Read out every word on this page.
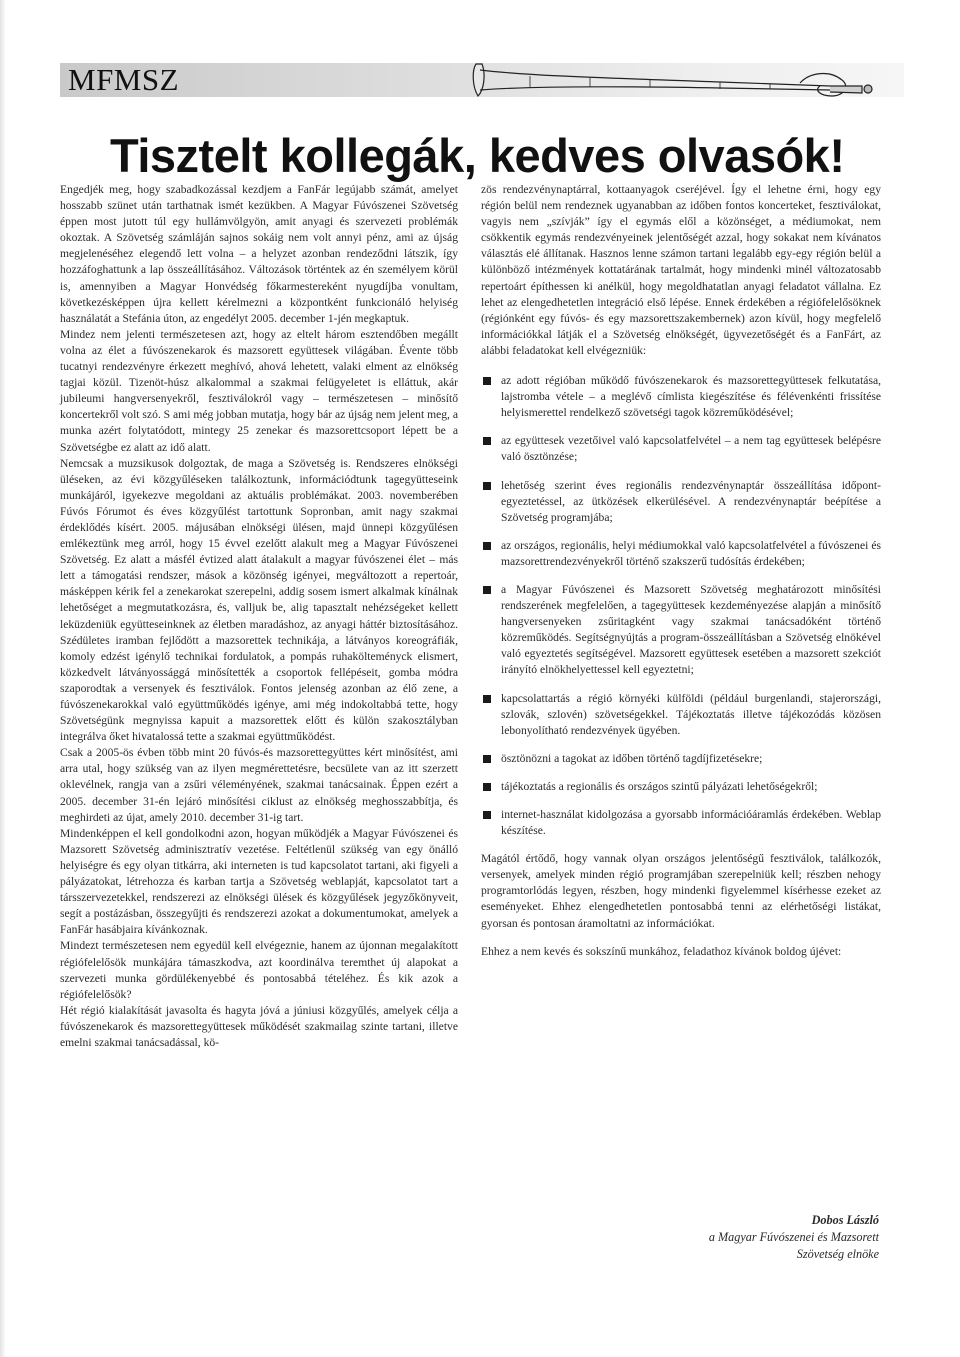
MFMSZ
Tisztelt kollegák, kedves olvasók!

Engedjék meg, hogy szabadkozással kezdjem a FanFár legújabb számát, amelyet hosszabb szünet után tarthatnak ismét kezükben. A Magyar Fúvószenei Szövetség éppen most jutott túl egy hullámvölgyön, amit anyagi és szervezeti problémák okoztak. A Szövetség számláján sajnos sokáig nem volt annyi pénz, ami az újság megjelenéséhez elegendő lett volna – a helyzet azonban rendeződni látszik, így hozzáfoghattunk a lap összeállításához. Változások történtek az én személyem körül is, amennyiben a Magyar Honvédség főkarmestereként nyugdíjba vonultam, következésképpen újra kellett kérelmezni a központként funkcionáló helyiség használatát a Stefánia úton, az engedélyt 2005. december 1-jén megkaptuk.

Mindez nem jelenti természetesen azt, hogy az eltelt három esztendőben megállt volna az élet a fúvószenekarok és mazsorett együttesek világában. Évente több tucatnyi rendezvényre érkezett meghívó, ahová lehetett, valaki elment az elnökség tagjai közül. Tizenöt-húsz alkalommal a szakmai felügyeletet is elláttuk, akár jubileumi hangversenyekről, fesztiválokról vagy – természetesen – minősítő koncertekről volt szó. S ami még jobban mutatja, hogy bár az újság nem jelent meg, a munka azért folytatódott, mintegy 25 zenekar és mazsorettcsoport lépett be a Szövetségbe ez alatt az idő alatt.

Nemcsak a muzsikusok dolgoztak, de maga a Szövetség is. Rendszeres elnökségi üléseken, az évi közgyűléseken találkoztunk, információdtunk tagegyütteseink munkájáról, igyekezve megoldani az aktuális problémákat. 2003. novemberében Fúvós Fórumot és éves közgyűlést tartottunk Sopronban, amit nagy szakmai érdeklődés kísért. 2005. májusában elnökségi ülésen, majd ünnepi közgyűlésen emlékeztünk meg arról, hogy 15 évvel ezelőtt alakult meg a Magyar Fúvószenei Szövetség. Ez alatt a másfél évtized alatt átalakult a magyar fúvószenei élet – más lett a támogatási rendszer, mások a közönség igényei, megváltozott a repertoár, másképpen kérik fel a zenekarokat szerepelni, addig sosem ismert alkalmak kínálnak lehetőséget a megmutatkozásra, és, valljuk be, alig tapasztalt nehézségeket kellett leküzdeniük együtteseinknek az életben maradáshoz, az anyagi háttér biztosításához. Szédületes iramban fejlődött a mazsorettek technikája, a látványos koreográfiák, komoly edzést igénylő technikai fordulatok, a pompás ruhakölteményck elismert, közkedvelt látványossággá minősítették a csoportok fellépéseit, gomba módra szaporodtak a versenyek és fesztiválok. Fontos jelenség azonban az élő zene, a fúvószenekarokkal való együttműködés igénye, ami még indokoltabbá tette, hogy Szövetségünk megnyissa kapuit a mazsorettek előtt és külön szakosztályban integrálva őket hivatalossá tette a szakmai együttműködést.

Csak a 2005-ös évben több mint 20 fúvós-és mazsorettegyüttes kért minősítést, ami arra utal, hogy szükség van az ilyen megmérettetésre, becsülete van az itt szerzett oklevélnek, rangja van a zsűri véleményének, szakmai tanácsainak. Éppen ezért a 2005. december 31-én lejáró minősítési ciklust az elnökség meghosszabbítja, és meghirdeti az újat, amely 2010. december 31-ig tart.

Mindenképpen el kell gondolkodni azon, hogyan működjék a Magyar Fúvószenei és Mazsorett Szövetség adminisztratív vezetése. Feltétlenül szükség van egy önálló helyiségre és egy olyan titkárra, aki interneten is tud kapcsolatot tartani, aki figyeli a pályázatokat, létrehozza és karban tartja a Szövetség weblapját, kapcsolatot tart a társszervezetekkel, rendszerezi az elnökségi ülések és közgyűlések jegyzőkönyveit, segít a postázásban, összegyűjti és rendszerezi azokat a dokumentumokat, amelyek a FanFár hasábjaira kívánkoznak.

Mindezt természetesen nem egyedül kell elvégeznie, hanem az újonnan megalakított régiófelelősök munkájára támaszkodva, azt koordinálva teremthet új alapokat a szervezeti munka gördülékenyebbé és pontosabbá tételéhez. És kik azok a régiófelelősök?

Hét régió kialakítását javasolta és hagyta jóvá a júniusi közgyűlés, amelyek célja a fúvószenekarok és mazsorettegyüttesek működését szakmailag szinte tartani, illetve emelni szakmai tanácsadással, kö-

zös rendezvénynaptárral, kottaanyagok cseréjével. Így el lehetne érni, hogy egy régión belül nem rendeznek ugyanabban az időben fontos koncerteket, fesztiválokat, vagyis nem „szívják” így el egymás elől a közönséget, a médiumokat, nem csökkentik egymás rendezvényeinek jelentőségét azzal, hogy sokakat nem kívánatos választás elé állítanak. Hasznos lenne számon tartani legalább egy-egy régión belül a különböző intézmények kottatárának tartalmát, hogy mindenki minél változatosabb repertoárt építhessen ki anélkül, hogy megoldhatatlan anyagi feladatot vállalna. Ez lehet az elengedhetetlen integráció első lépése. Ennek érdekében a régiófelelősöknek (régiónként egy fúvós- és egy mazsorettszakembernek) azon kívül, hogy megfelelő információkkal látják el a Szövetség elnökségét, ügyvezetőségét és a FanFárt, az alábbi feladatokat kell elvégezniük:

az adott régióban működő fúvószenekarok és mazsorettegyüttesek felkutatása, lajstromba vétele – a meglévő címlista kiegészítése és félévenkénti frissítése helyismerettel rendelkező szövetségi tagok közreműködésével;
az együttesek vezetőivel való kapcsolatfelvétel – a nem tag együttesek belépésre való ösztönzése;
lehetőség szerint éves regionális rendezvénynaptár összeállítása időpont-egyeztetéssel, az ütközések elkerülésével. A rendezvénynaptár beépítése a Szövetség programjába;
az országos, regionális, helyi médiumokkal való kapcsolatfelvétel a fúvószenei és mazsorettrendezvényekről történő szakszerű tudósítás érdekében;
a Magyar Fúvószenei és Mazsorett Szövetség meghatározott minősítési rendszerének megfelelően, a tagegyüttesek kezdeményezése alapján a minősítő hangversenyeken zsűritagként vagy szakmai tanácsadóként történő közreműködés. Segítségnyújtás a program-összeállításban a Szövetség elnökével való egyeztetés segítségével. Mazsorett együttesek esetében a mazsorett szekciót irányító elnökhelyettessel kell egyeztetni;
kapcsolattartás a régió környéki külföldi (például burgenlandi, stajerországi, szlovák, szlovén) szövetségekkel. Tájékoztatás illetve tájékozódás közösen lebonyolítható rendezvények ügyében.
ösztönözni a tagokat az időben történő tagdíjfizetésekre;
tájékoztatás a regionális és országos szintű pályázati lehetőségekről;
internet-használat kidolgozása a gyorsabb információáramlás érdekében. Weblap készítése.

Magától értődő, hogy vannak olyan országos jelentőségű fesztiválok, találkozók, versenyek, amelyek minden régió programjában szerepelniük kell; részben nehogy programtorlódás legyen, részben, hogy mindenki figyelemmel kísérhesse ezeket az eseményeket. Ehhez elengedhetetlen pontosabbá tenni az elérhetőségi listákat, gyorsan és pontosan áramoltatni az információkat.

Ehhez a nem kevés és sokszínű munkához, feladathoz kívánok boldog újévet:

Dobos László
a Magyar Fúvószenei és Mazsorett
Szövetség elnöke
